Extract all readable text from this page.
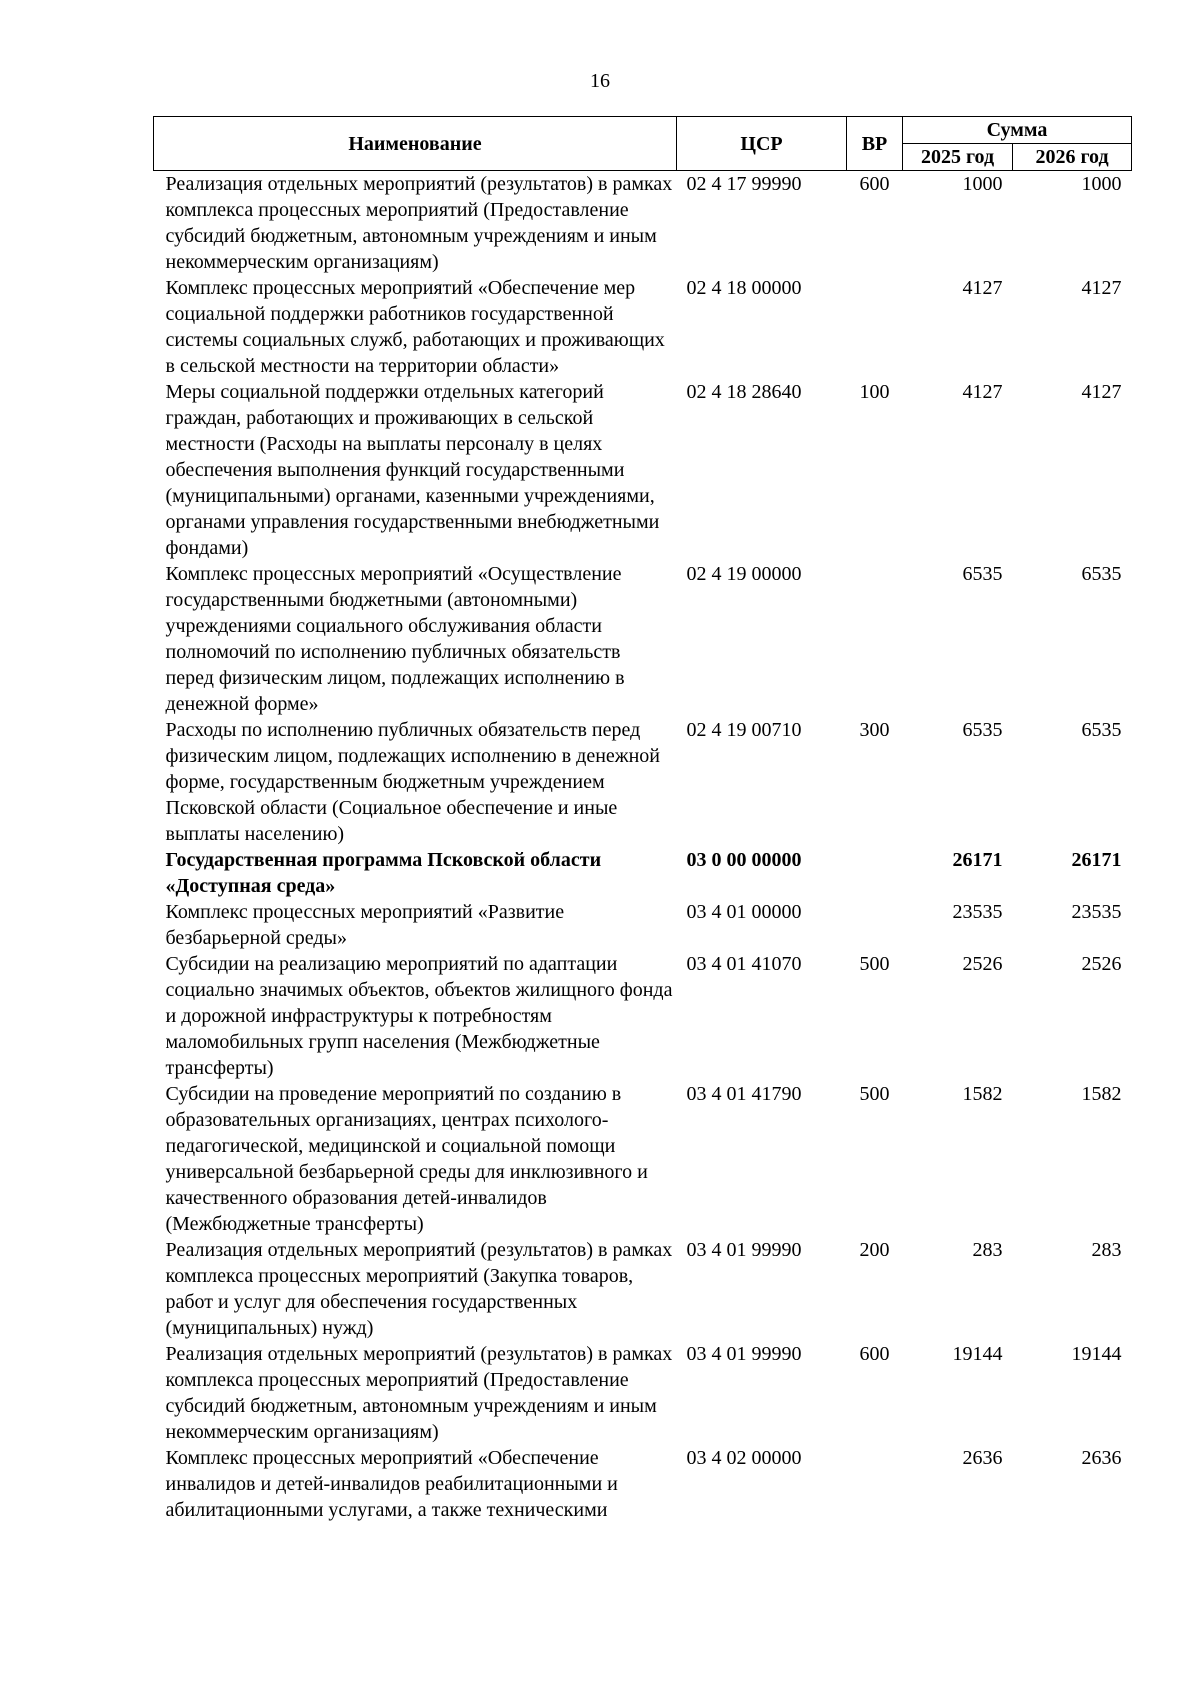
16
Наименование	ЦСР	ВР	Сумма	
			2025 год	2026 год
Реализация отдельных мероприятий (результатов) в рамках комплекса процессных мероприятий (Предоставление субсидий бюджетным, автономным учреждениям и иным некоммерческим организациям)	02 4 17 99990	600	1000	1000
Комплекс процессных мероприятий «Обеспечение мер социальной поддержки работников государственной системы социальных служб, работающих и проживающих в сельской местности на территории области»	02 4 18 00000		4127	4127
Меры социальной поддержки отдельных категорий граждан, работающих и проживающих в сельской местности (Расходы на выплаты персоналу в целях обеспечения выполнения функций государственными (муниципальными) органами, казенными учреждениями, органами управления государственными внебюджетными фондами)	02 4 18 28640	100	4127	4127
Комплекс процессных мероприятий «Осуществление государственными бюджетными (автономными) учреждениями социального обслуживания области полномочий по исполнению публичных обязательств перед физическим лицом, подлежащих исполнению в денежной форме»	02 4 19 00000		6535	6535
Расходы по исполнению публичных обязательств перед физическим лицом, подлежащих исполнению в денежной форме, государственным бюджетным учреждением Псковской области (Социальное обеспечение и иные выплаты населению)	02 4 19 00710	300	6535	6535
Государственная программа Псковской области «Доступная среда»	03 0 00 00000		26171	26171
Комплекс процессных мероприятий «Развитие безбарьерной среды»	03 4 01 00000		23535	23535
Субсидии на реализацию мероприятий по адаптации социально значимых объектов, объектов жилищного фонда и дорожной инфраструктуры к потребностям маломобильных групп населения (Межбюджетные трансферты)	03 4 01 41070	500	2526	2526
Субсидии на проведение мероприятий по созданию в образовательных организациях, центрах психолого-педагогической, медицинской и социальной помощи универсальной безбарьерной среды для инклюзивного и качественного образования детей-инвалидов (Межбюджетные трансферты)	03 4 01 41790	500	1582	1582
Реализация отдельных мероприятий (результатов) в рамках комплекса процессных мероприятий (Закупка товаров, работ и услуг для обеспечения государственных (муниципальных) нужд)	03 4 01 99990	200	283	283
Реализация отдельных мероприятий (результатов) в рамках комплекса процессных мероприятий (Предоставление субсидий бюджетным, автономным учреждениям и иным некоммерческим организациям)	03 4 01 99990	600	19144	19144
Комплекс процессных мероприятий «Обеспечение инвалидов и детей-инвалидов реабилитационными и абилитационными услугами, а также техническими	03 4 02 00000		2636	2636
